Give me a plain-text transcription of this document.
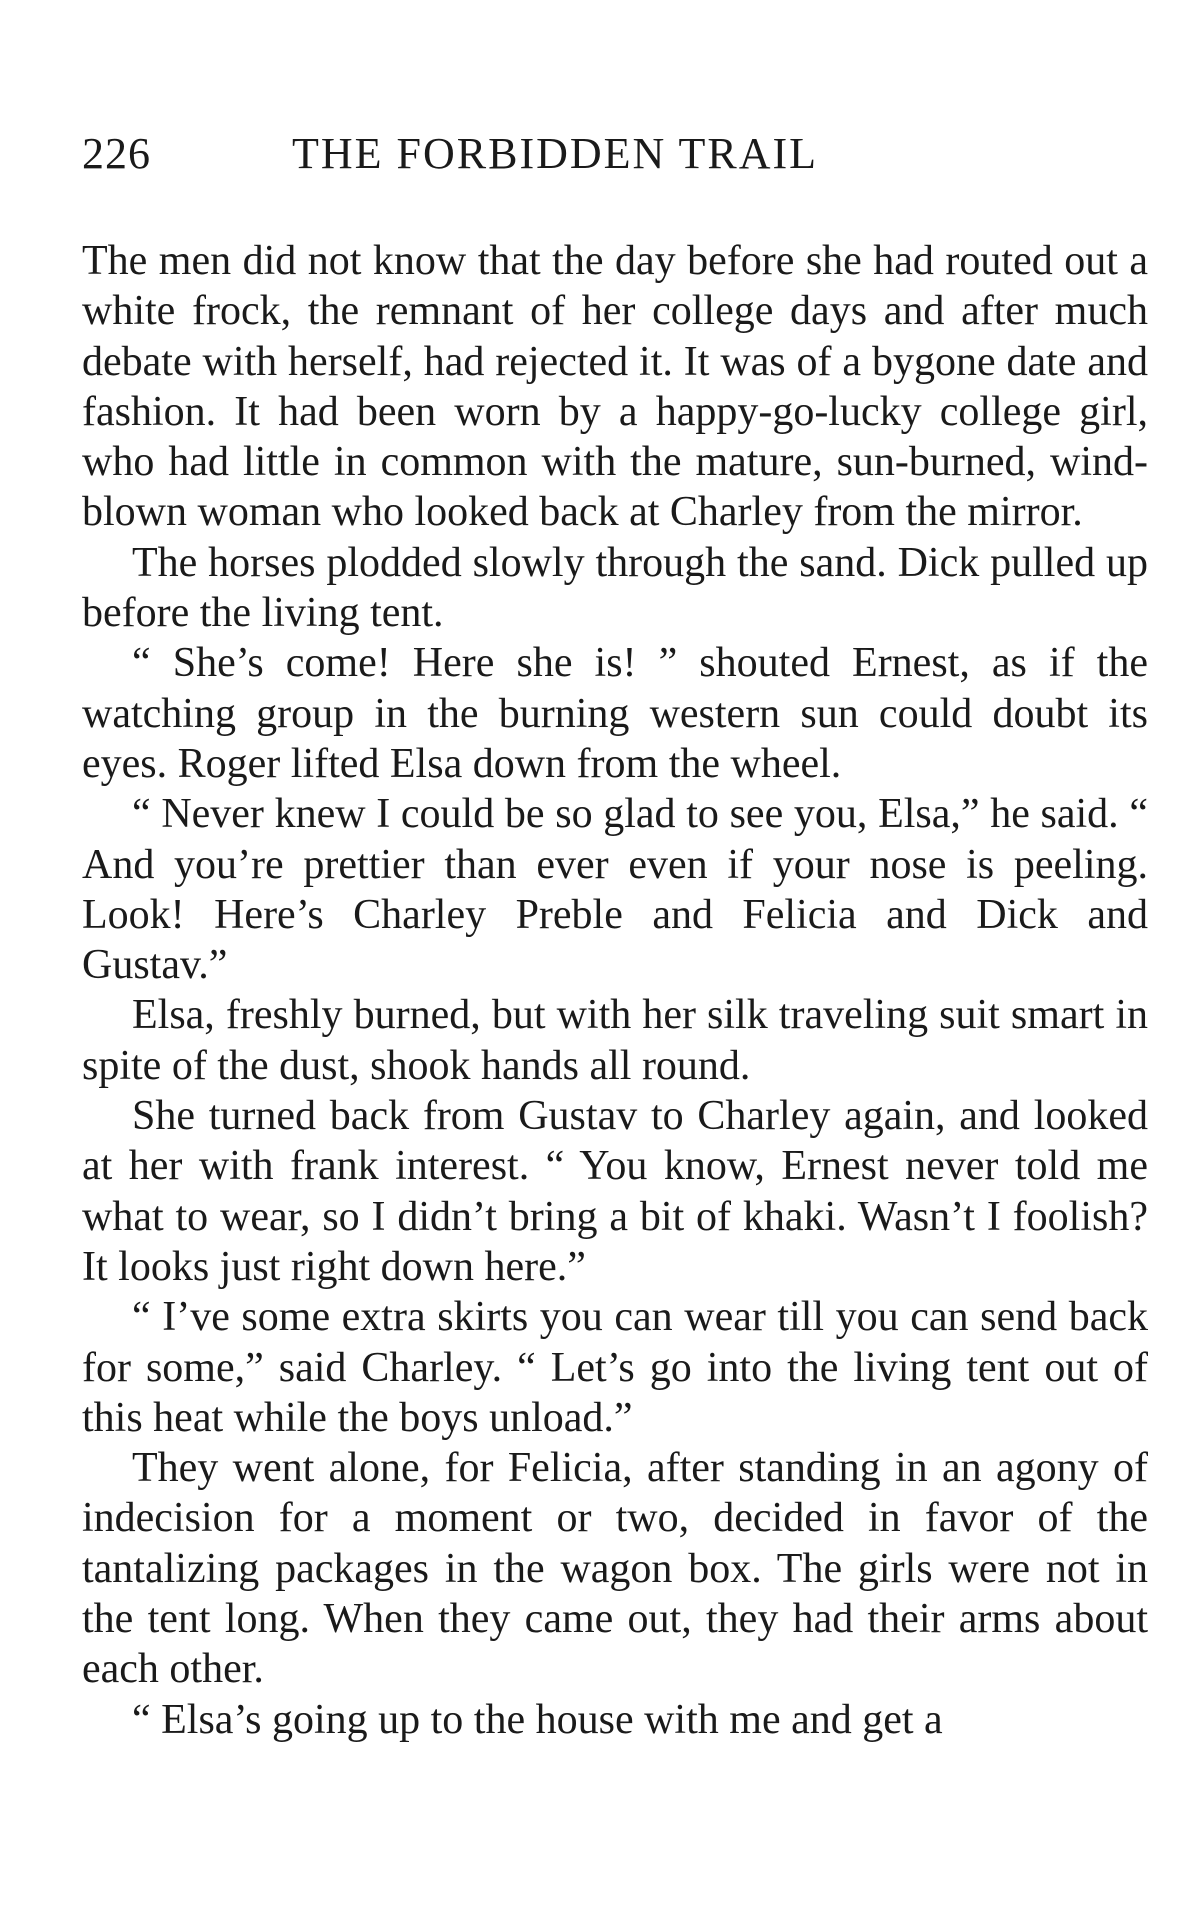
226	THE FORBIDDEN TRAIL

The men did not know that the day before she had routed out a white frock, the remnant of her college days and after much debate with herself, had rejected it. It was of a bygone date and fashion. It had been worn by a happy-go-lucky college girl, who had little in common with the mature, sun-burned, wind-blown woman who looked back at Charley from the mirror.

The horses plodded slowly through the sand. Dick pulled up before the living tent.

“ She’s come! Here she is! ” shouted Ernest, as if the watching group in the burning western sun could doubt its eyes. Roger lifted Elsa down from the wheel.

“ Never knew I could be so glad to see you, Elsa,” he said. “ And you’re prettier than ever even if your nose is peeling. Look! Here’s Charley Preble and Felicia and Dick and Gustav.”

Elsa, freshly burned, but with her silk traveling suit smart in spite of the dust, shook hands all round.

She turned back from Gustav to Charley again, and looked at her with frank interest. “ You know, Ernest never told me what to wear, so I didn’t bring a bit of khaki. Wasn’t I foolish? It looks just right down here.”

“ I’ve some extra skirts you can wear till you can send back for some,” said Charley. “ Let’s go into the living tent out of this heat while the boys unload.”

They went alone, for Felicia, after standing in an agony of indecision for a moment or two, decided in favor of the tantalizing packages in the wagon box. The girls were not in the tent long. When they came out, they had their arms about each other.

“ Elsa’s going up to the house with me and get a
